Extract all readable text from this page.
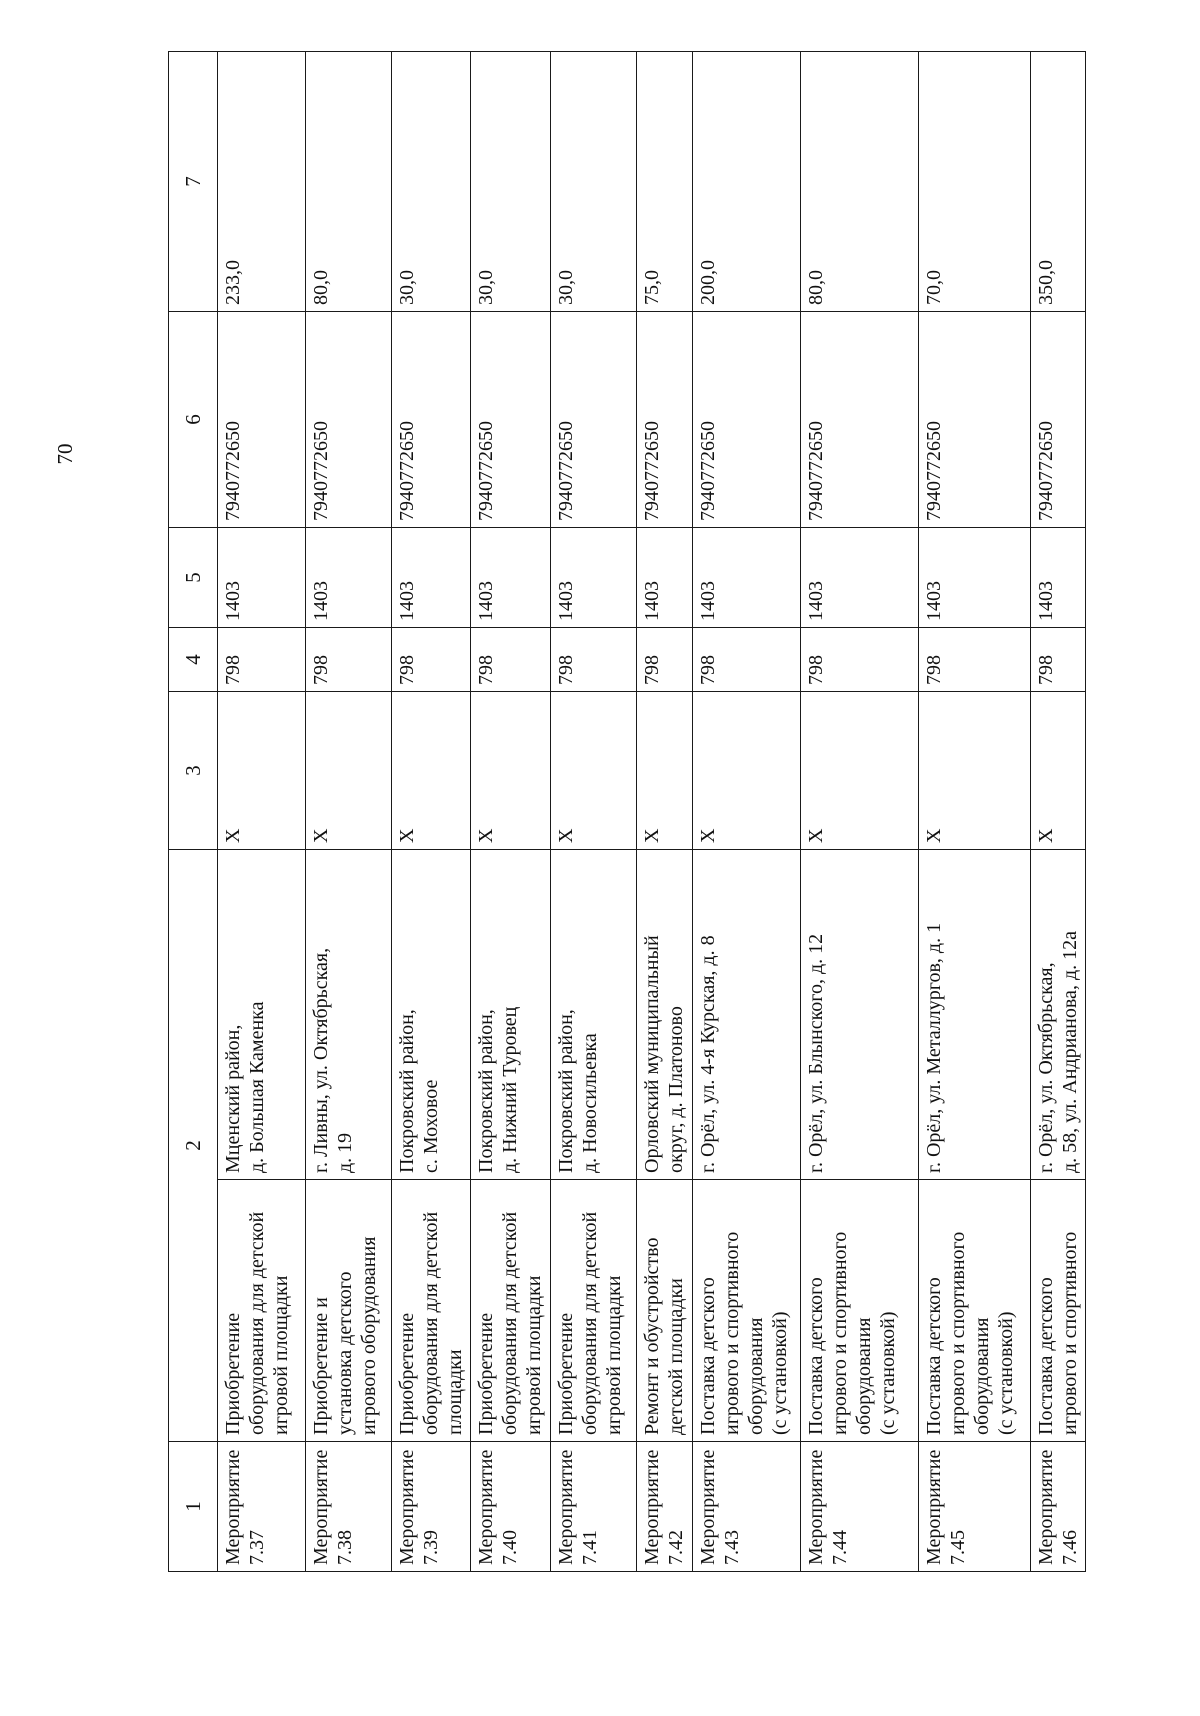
70
1	2		3	4	5	6	7
Мероприятие 7.37	Приобретение оборудования для детской игровой площадки	Мценский район, д. Большая Каменка	X	798	1403	7940772650	233,0
Мероприятие 7.38	Приобретение и установка детского игрового оборудования	г. Ливны, ул. Октябрьская, д. 19	X	798	1403	7940772650	80,0
Мероприятие 7.39	Приобретение оборудования для детской площадки	Покровский район, с. Моховое	X	798	1403	7940772650	30,0
Мероприятие 7.40	Приобретение оборудования для детской игровой площадки	Покровский район, д. Нижний Туровец	X	798	1403	7940772650	30,0
Мероприятие 7.41	Приобретение оборудования для детской игровой площадки	Покровский район, д. Новосильевка	X	798	1403	7940772650	30,0
Мероприятие 7.42	Ремонт и обустройство детской площадки	Орловский муниципальный округ, д. Платоново	X	798	1403	7940772650	75,0
Мероприятие 7.43	Поставка детского игрового и спортивного оборудования (с установкой)	г. Орёл, ул. 4-я Курская, д. 8	X	798	1403	7940772650	200,0
Мероприятие 7.44	Поставка детского игрового и спортивного оборудования (с установкой)	г. Орёл, ул. Блынского, д. 12	X	798	1403	7940772650	80,0
Мероприятие 7.45	Поставка детского игрового и спортивного оборудования (с установкой)	г. Орёл, ул. Металлургов, д. 1	X	798	1403	7940772650	70,0
Мероприятие 7.46	Поставка детского игрового и спортивного	г. Орёл, ул. Октябрьская, д. 58, ул. Андрианова, д. 12а	X	798	1403	7940772650	350,0
